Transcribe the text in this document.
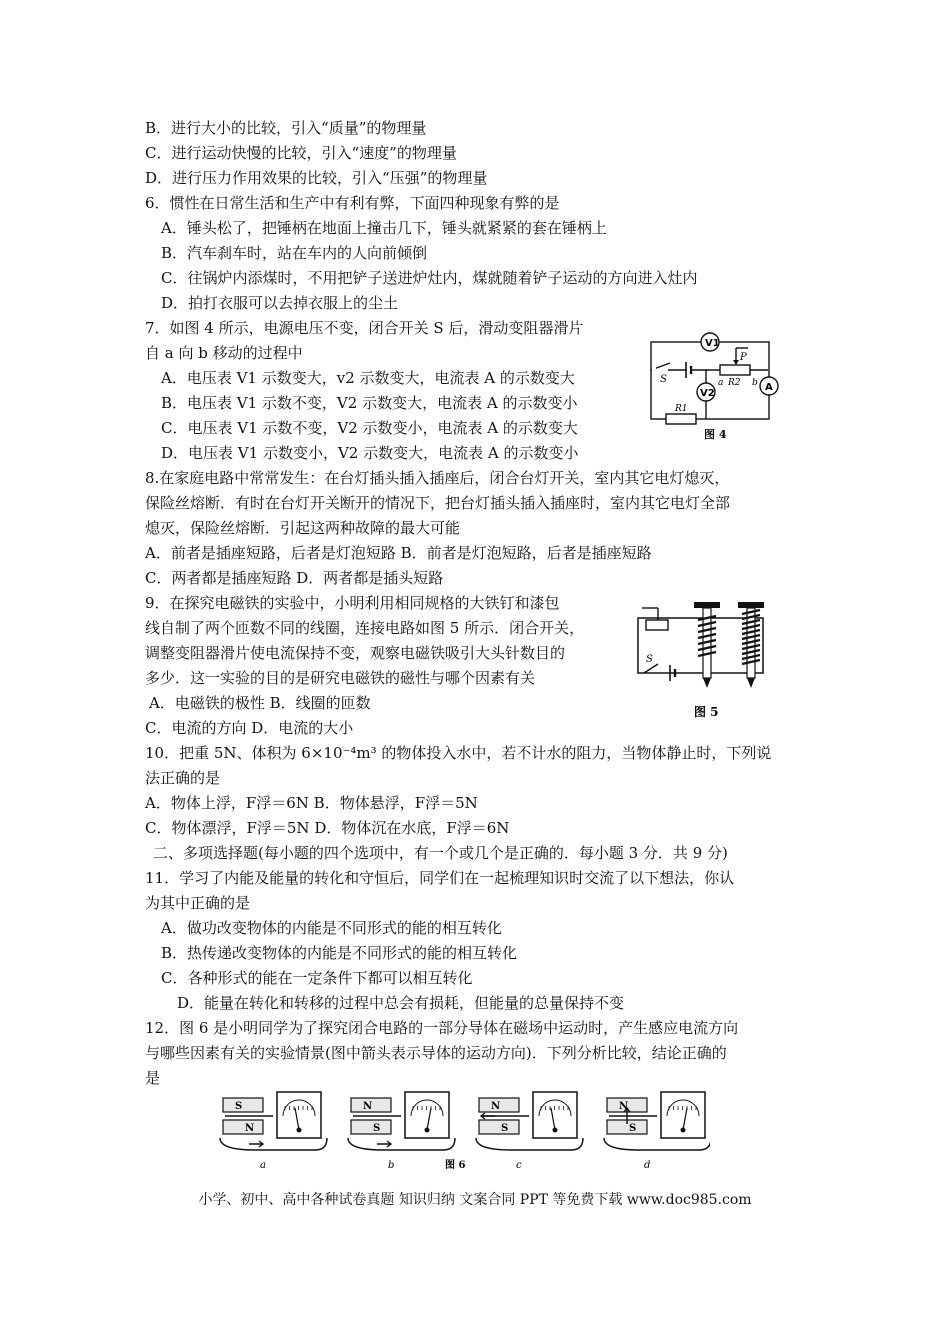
B．进行大小的比较，引入“质量”的物理量
C．进行运动快慢的比较，引入“速度”的物理量
D．进行压力作用效果的比较，引入“压强”的物理量
6．惯性在日常生活和生产中有利有弊，下面四种现象有弊的是
A．锤头松了，把锤柄在地面上撞击几下，锤头就紧紧的套在锤柄上
B．汽车刹车时，站在车内的人向前倾倒
C．往锅炉内添煤时，不用把铲子送进炉灶内，煤就随着铲子运动的方向进入灶内
D．拍打衣服可以去掉衣服上的尘土
7．如图 4 所示，电源电压不变，闭合开关 S 后，滑动变阻器滑片
自 a 向 b 移动的过程中
A．电压表 V1 示数变大，v2 示数变大，电流表 A 的示数变大
B．电压表 V1 示数不变，V2 示数变大，电流表 A 的示数变小
C．电压表 V1 示数不变，V2 示数变小，电流表 A 的示数变大
D．电压表 V1 示数变小，V2 示数变大，电流表 A 的示数变小
8.在家庭电路中常常发生：在台灯插头插入插座后，闭合台灯开关，室内其它电灯熄灭，
保险丝熔断．有时在台灯开关断开的情况下，把台灯插头插入插座时，室内其它电灯全部
熄灭，保险丝熔断．引起这两种故障的最大可能
A．前者是插座短路，后者是灯泡短路 B．前者是灯泡短路，后者是插座短路
C．两者都是插座短路 D．两者都是插头短路
9．在探究电磁铁的实验中，小明利用相同规格的大铁钉和漆包
线自制了两个匝数不同的线圈，连接电路如图 5 所示．闭合开关，
调整变阻器滑片使电流保持不变，观察电磁铁吸引大头针数目的
多少．这一实验的目的是研究电磁铁的磁性与哪个因素有关
A．电磁铁的极性 B．线圈的匝数
C．电流的方向 D．电流的大小
10．把重 5N、体积为 6×10⁻⁴m³ 的物体投入水中，若不计水的阻力，当物体静止时，下列说
法正确的是
A．物体上浮，F浮＝6N B．物体悬浮，F浮＝5N
C．物体漂浮，F浮＝5N D．物体沉在水底，F浮＝6N
二、多项选择题(每小题的四个选项中，有一个或几个是正确的．每小题 3 分．共 9 分)
11．学习了内能及能量的转化和守恒后，同学们在一起梳理知识时交流了以下想法，你认
为其中正确的是
A．做功改变物体的内能是不同形式的能的相互转化
B．热传递改变物体的内能是不同形式的能的相互转化
C．各种形式的能在一定条件下都可以相互转化
D．能量在转化和转移的过程中总会有损耗，但能量的总量保持不变
12．图 6 是小明同学为了探究闭合电路的一部分导体在磁场中运动时，产生感应电流方向
与哪些因素有关的实验情景(图中箭头表示导体的运动方向)．下列分析比较，结论正确的
是
V1
S
V2
P
a R2 b A
R1
图 4
S
图 5
S
N
a
N
S
b
N
S
c
N
S
d
图 6
小学、初中、高中各种试卷真题 知识归纳 文案合同 PPT 等免费下载 www.doc985.com
